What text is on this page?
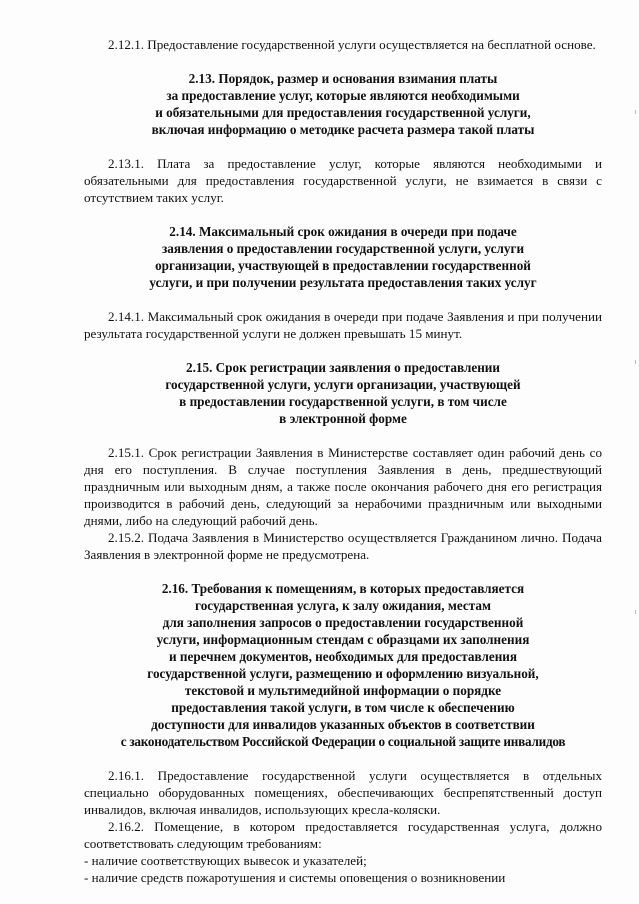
2.12.1. Предоставление государственной услуги осуществляется на бесплатной основе.

2.13. Порядок, размер и основания взимания платы
за предоставление услуг, которые являются необходимыми
и обязательными для предоставления государственной услуги,
включая информацию о методике расчета размера такой платы

2.13.1. Плата за предоставление услуг, которые являются необходимыми и обязательными для предоставления государственной услуги, не взимается в связи с отсутствием таких услуг.

2.14. Максимальный срок ожидания в очереди при подаче
заявления о предоставлении государственной услуги, услуги
организации, участвующей в предоставлении государственной
услуги, и при получении результата предоставления таких услуг

2.14.1. Максимальный срок ожидания в очереди при подаче Заявления и при получении результата государственной услуги не должен превышать 15 минут.

2.15. Срок регистрации заявления о предоставлении
государственной услуги, услуги организации, участвующей
в предоставлении государственной услуги, в том числе
в электронной форме

2.15.1. Срок регистрации Заявления в Министерстве составляет один рабочий день со дня его поступления. В случае поступления Заявления в день, предшествующий праздничным или выходным дням, а также после окончания рабочего дня его регистрация производится в рабочий день, следующий за нерабочими праздничным или выходными днями, либо на следующий рабочий день.

2.15.2. Подача Заявления в Министерство осуществляется Гражданином лично. Подача Заявления в электронной форме не предусмотрена.

2.16. Требования к помещениям, в которых предоставляется
государственная услуга, к залу ожидания, местам
для заполнения запросов о предоставлении государственной
услуги, информационным стендам с образцами их заполнения
и перечнем документов, необходимых для предоставления
государственной услуги, размещению и оформлению визуальной,
текстовой и мультимедийной информации о порядке
предоставления такой услуги, в том числе к обеспечению
доступности для инвалидов указанных объектов в соответствии
с законодательством Российской Федерации о социальной защите инвалидов

2.16.1. Предоставление государственной услуги осуществляется в отдельных специально оборудованных помещениях, обеспечивающих беспрепятственный доступ инвалидов, включая инвалидов, использующих кресла-коляски.

2.16.2. Помещение, в котором предоставляется государственная услуга, должно соответствовать следующим требованиям:

- наличие соответствующих вывесок и указателей;

- наличие средств пожаротушения и системы оповещения о возникновении
